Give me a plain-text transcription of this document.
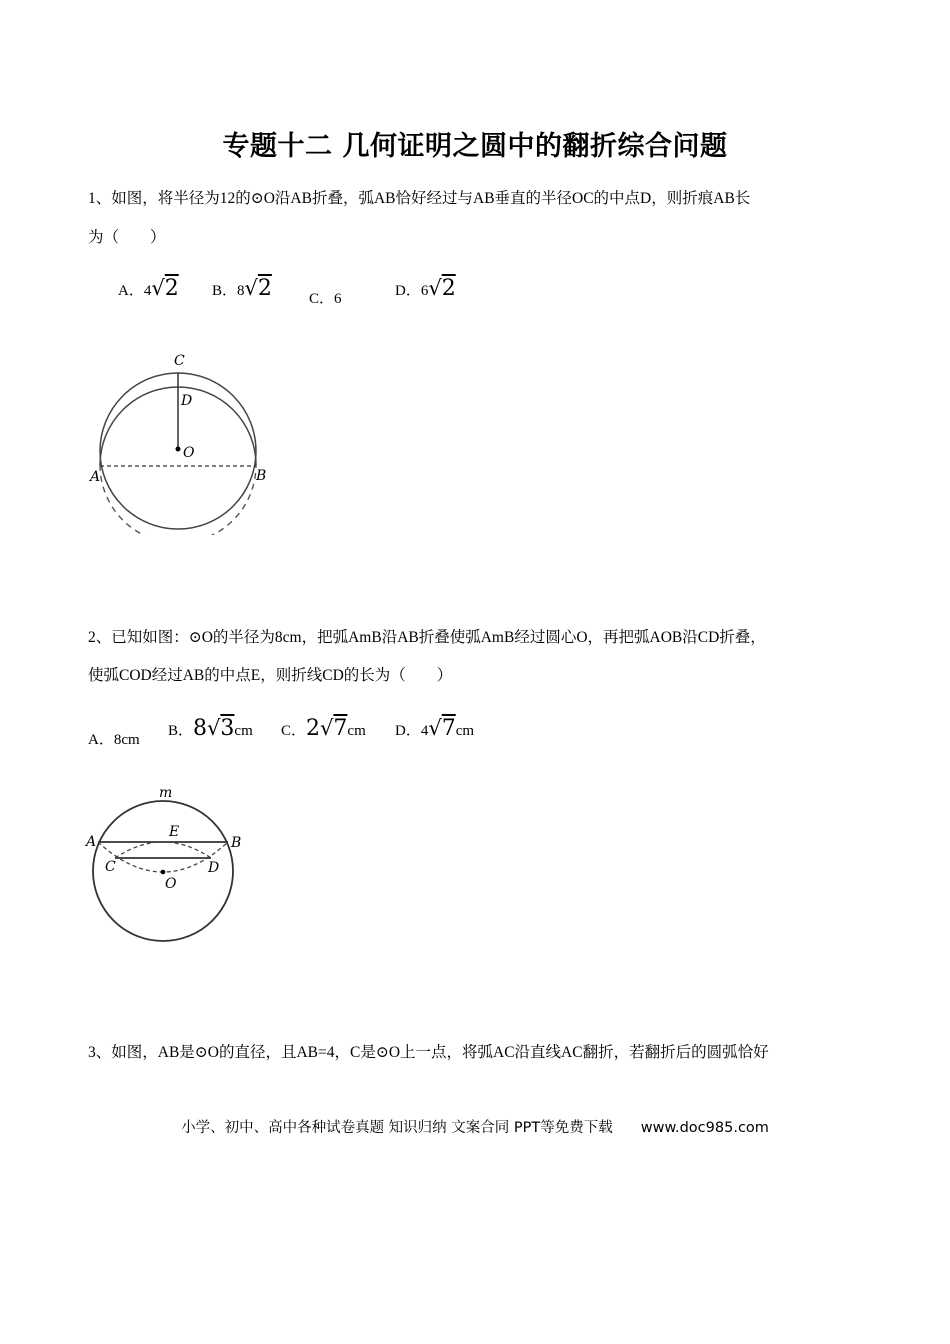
专题十二 几何证明之圆中的翻折综合问题
1、如图，将半径为12的⊙O沿AB折叠，弧AB恰好经过与AB垂直的半径OC的中点D，则折痕AB长
为（　　）
A．4√2 B．8√2 C．6	D．6√2
C
D
O
A	B
2、已知如图：⊙O的半径为8cm，把弧AmB沿AB折叠使弧AmB经过圆心O，再把弧AOB沿CD折叠，
使弧COD经过AB的中点E，则折线CD的长为（　　）
A．8cm
B．8√3cm C．2√7cm D．4√7cm
m
A	B
E
C	D
O
3、如图，AB是⊙O的直径，且AB=4，C是⊙O上一点，将弧AC沿直线AC翻折，若翻折后的圆弧恰好
小学、初中、高中各种试卷真题 知识归纳 文案合同 PPT等免费下载 www.doc985.com
